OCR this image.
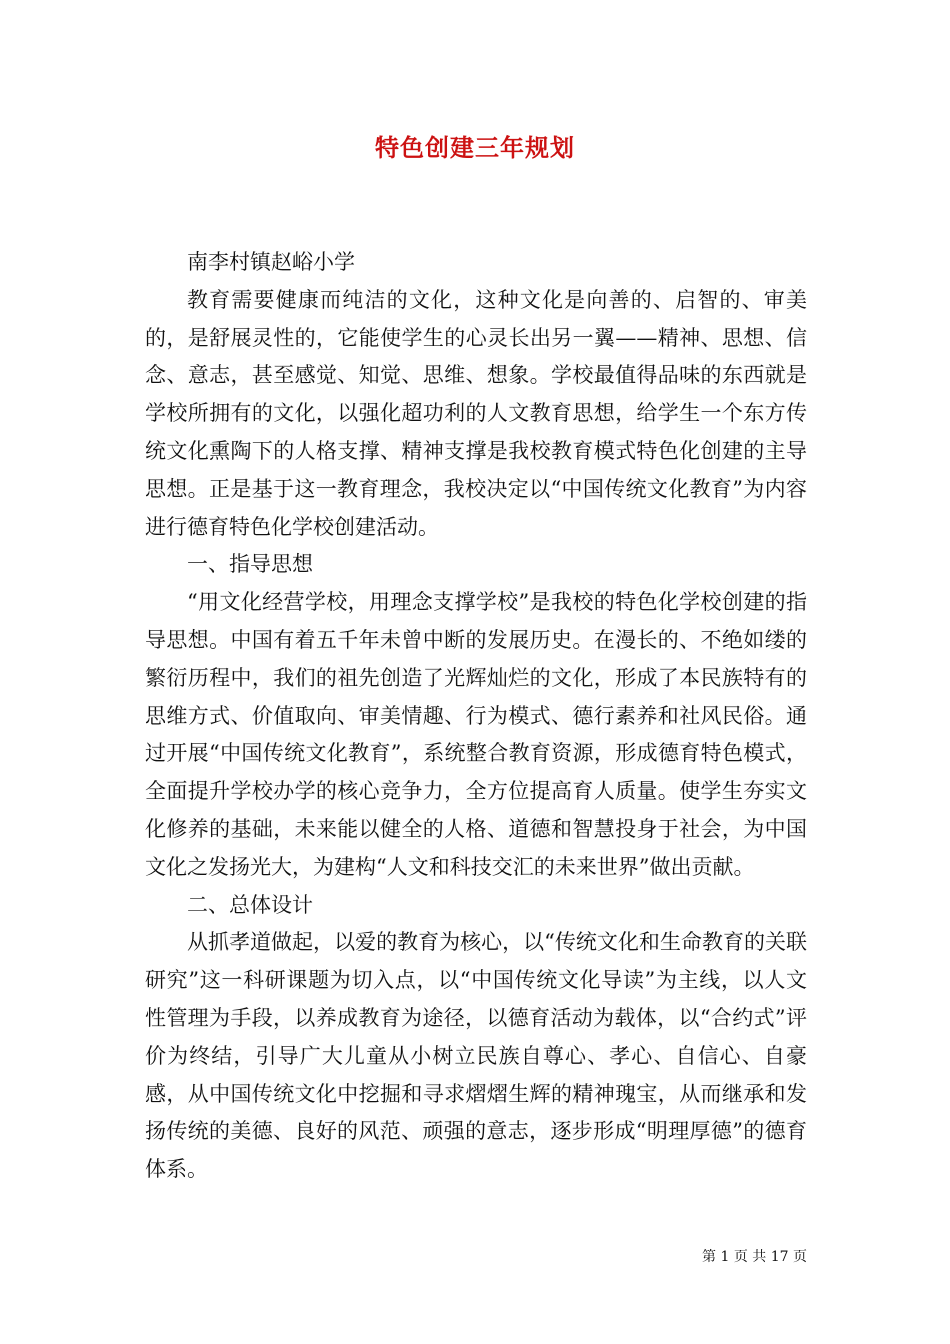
特色创建三年规划

南李村镇赵峪小学

教育需要健康而纯洁的文化，这种文化是向善的、启智的、审美的，是舒展灵性的，它能使学生的心灵长出另一翼——精神、思想、信念、意志，甚至感觉、知觉、思维、想象。学校最值得品味的东西就是学校所拥有的文化，以强化超功利的人文教育思想，给学生一个东方传统文化熏陶下的人格支撑、精神支撑是我校教育模式特色化创建的主导思想。正是基于这一教育理念，我校决定以“中国传统文化教育”为内容进行德育特色化学校创建活动。

一、指导思想

“用文化经营学校，用理念支撑学校”是我校的特色化学校创建的指导思想。中国有着五千年未曾中断的发展历史。在漫长的、不绝如缕的繁衍历程中，我们的祖先创造了光辉灿烂的文化，形成了本民族特有的思维方式、价值取向、审美情趣、行为模式、德行素养和社风民俗。通过开展“中国传统文化教育”，系统整合教育资源，形成德育特色模式，全面提升学校办学的核心竞争力，全方位提高育人质量。使学生夯实文化修养的基础，未来能以健全的人格、道德和智慧投身于社会，为中国文化之发扬光大，为建构“人文和科技交汇的未来世界”做出贡献。

二、总体设计

从抓孝道做起，以爱的教育为核心，以“传统文化和生命教育的关联研究”这一科研课题为切入点，以“中国传统文化导读”为主线，以人文性管理为手段，以养成教育为途径，以德育活动为载体，以“合约式”评价为终结，引导广大儿童从小树立民族自尊心、孝心、自信心、自豪感，从中国传统文化中挖掘和寻求熠熠生辉的精神瑰宝，从而继承和发扬传统的美德、良好的风范、顽强的意志，逐步形成“明理厚德”的德育体系。

第 1 页 共 17 页
